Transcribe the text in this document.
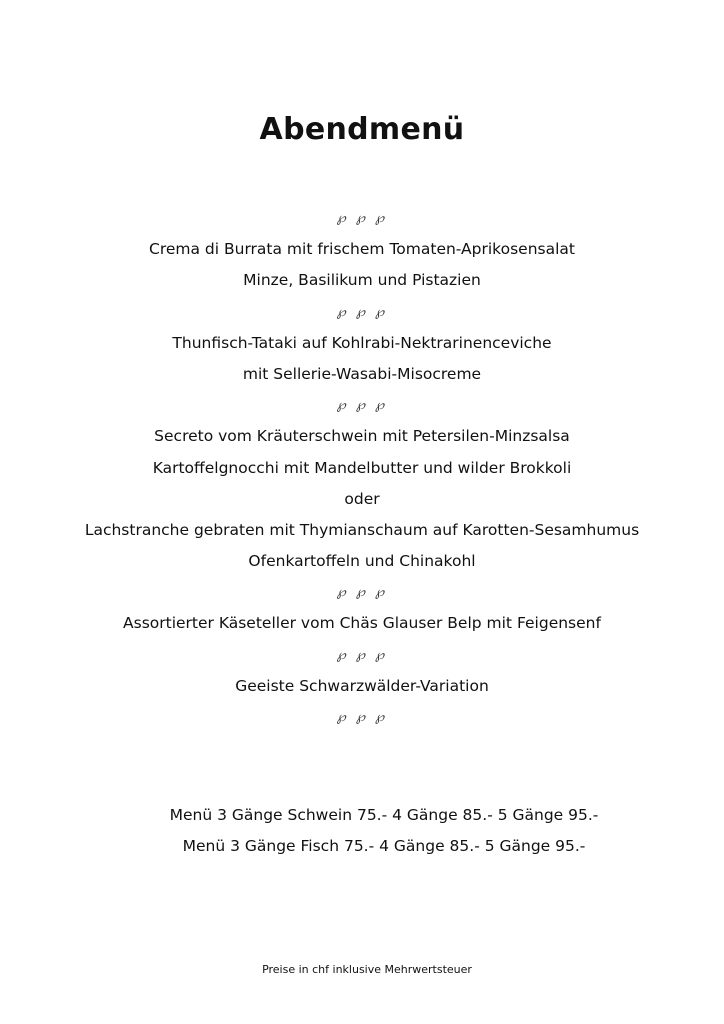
Abendmenü
℘ ℘ ℘
Crema di Burrata mit frischem Tomaten-Aprikosensalat
Minze, Basilikum und Pistazien
℘ ℘ ℘
Thunfisch-Tataki auf Kohlrabi-Nektrarinenceviche
mit Sellerie-Wasabi-Misocreme
℘ ℘ ℘
Secreto vom Kräuterschwein mit Petersilen-Minzsalsa
Kartoffelgnocchi mit Mandelbutter und wilder Brokkoli
oder
Lachstranche gebraten mit Thymianschaum auf Karotten-Sesamhumus
Ofenkartoffeln und Chinakohl
℘ ℘ ℘
Assortierter Käseteller vom Chäs Glauser Belp mit Feigensenf
℘ ℘ ℘
Geeiste Schwarzwälder-Variation
℘ ℘ ℘
Menü 3 Gänge Schwein 75.- 4 Gänge 85.- 5 Gänge 95.-
Menü 3 Gänge Fisch 75.- 4 Gänge 85.- 5 Gänge 95.-
Preise in chf inklusive Mehrwertsteuer
